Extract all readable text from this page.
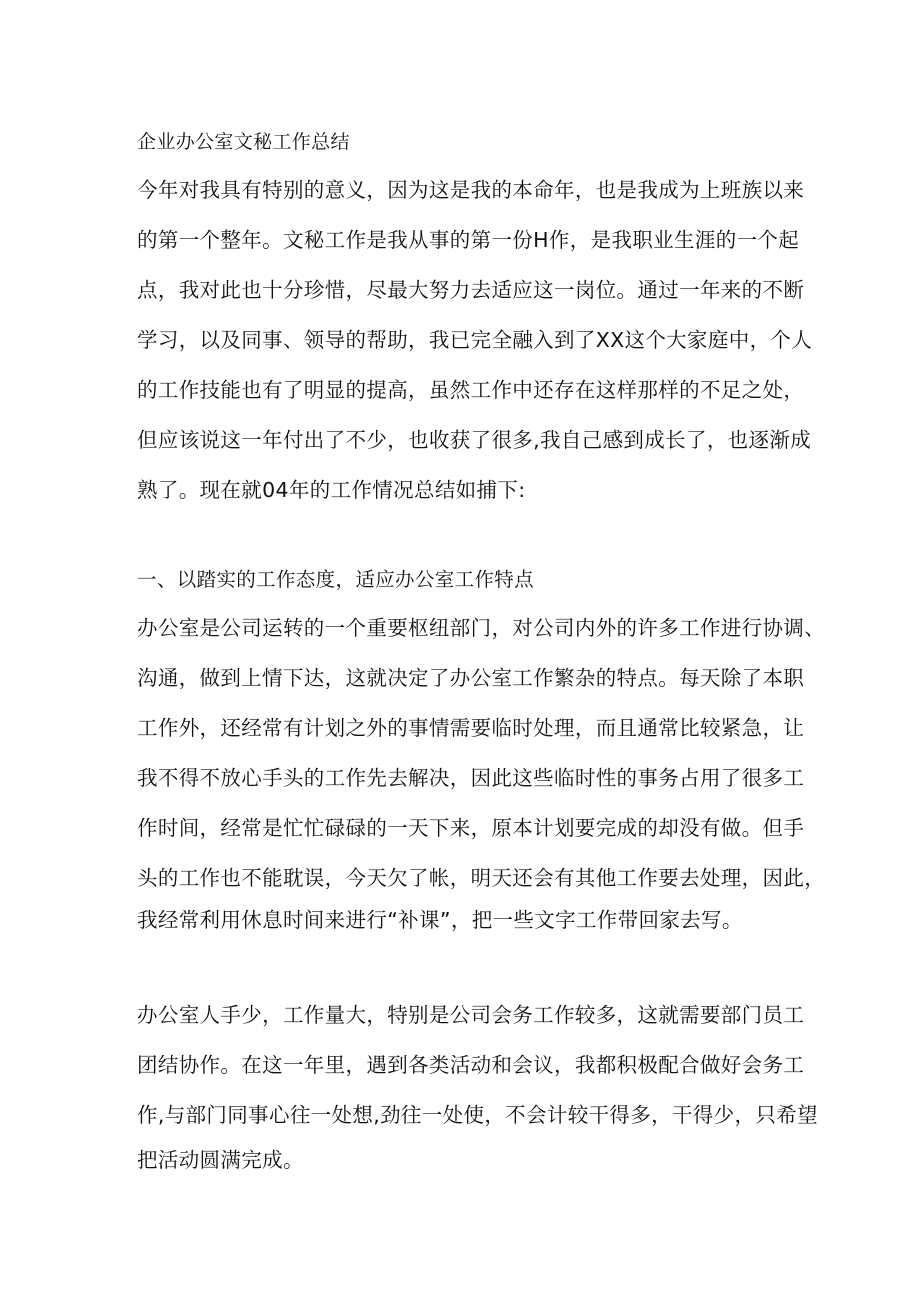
企业办公室文秘工作总结
今年对我具有特别的意义，因为这是我的本命年，也是我成为上班族以来
的第一个整年。文秘工作是我从事的第一份H作，是我职业生涯的一个起
点，我对此也十分珍惜，尽最大努力去适应这一岗位。通过一年来的不断
学习，以及同事、领导的帮助，我已完全融入到了XX这个大家庭中，个人
的工作技能也有了明显的提高，虽然工作中还存在这样那样的不足之处，
但应该说这一年付出了不少，也收获了很多,我自己感到成长了，也逐渐成
熟了。现在就04年的工作情况总结如捕下:
一、以踏实的工作态度，适应办公室工作特点
办公室是公司运转的一个重要枢纽部门，对公司内外的许多工作进行协调、
沟通，做到上情下达，这就决定了办公室工作繁杂的特点。每天除了本职
工作外，还经常有计划之外的事情需要临时处理，而且通常比较紧急，让
我不得不放心手头的工作先去解决，因此这些临时性的事务占用了很多工
作时间，经常是忙忙碌碌的一天下来，原本计划要完成的却没有做。但手
头的工作也不能耽误，今天欠了帐，明天还会有其他工作要去处理，因此，
我经常利用休息时间来进行“补课”，把一些文字工作带回家去写。
办公室人手少，工作量大，特别是公司会务工作较多，这就需要部门员工
团结协作。在这一年里，遇到各类活动和会议，我都积极配合做好会务工
作,与部门同事心往一处想,劲往一处使，不会计较干得多，干得少，只希望
把活动圆满完成。
